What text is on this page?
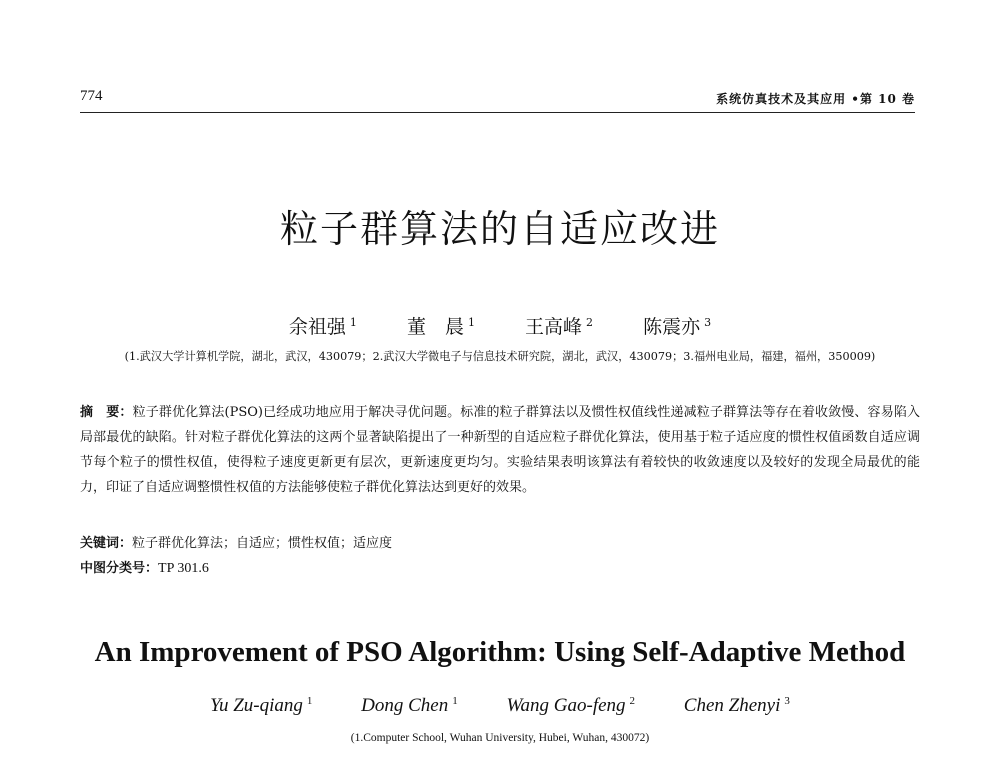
774	系统仿真技术及其应用 •第 10 卷
粒子群算法的自适应改进
余祖强 $^1$	董　晨 $^1$	王高峰 $^2$	陈震亦 $^3$
(1.武汉大学计算机学院，湖北，武汉，430079；2.武汉大学微电子与信息技术研究院，湖北，武汉，430079；3.福州电业局，福建，福州，350009)
摘　要：粒子群优化算法(PSO)已经成功地应用于解决寻优问题。标准的粒子群算法以及惯性权值线性递减粒子群算法等存在着收敛慢、容易陷入局部最优的缺陷。针对粒子群优化算法的这两个显著缺陷提出了一种新型的自适应粒子群优化算法，使用基于粒子适应度的惯性权值函数自适应调节每个粒子的惯性权值，使得粒子速度更新更有层次，更新速度更均匀。实验结果表明该算法有着较快的收敛速度以及较好的发现全局最优的能力，印证了自适应调整惯性权值的方法能够使粒子群优化算法达到更好的效果。
关键词：粒子群优化算法；自适应；惯性权值；适应度
中图分类号：TP 301.6
An Improvement of PSO Algorithm: Using Self-Adaptive Method
Yu Zu-qiang $^1$	Dong Chen $^1$	Wang Gao-feng $^2$	Chen Zhenyi $^3$
(1.Computer School, Wuhan University, Hubei, Wuhan, 430072)
